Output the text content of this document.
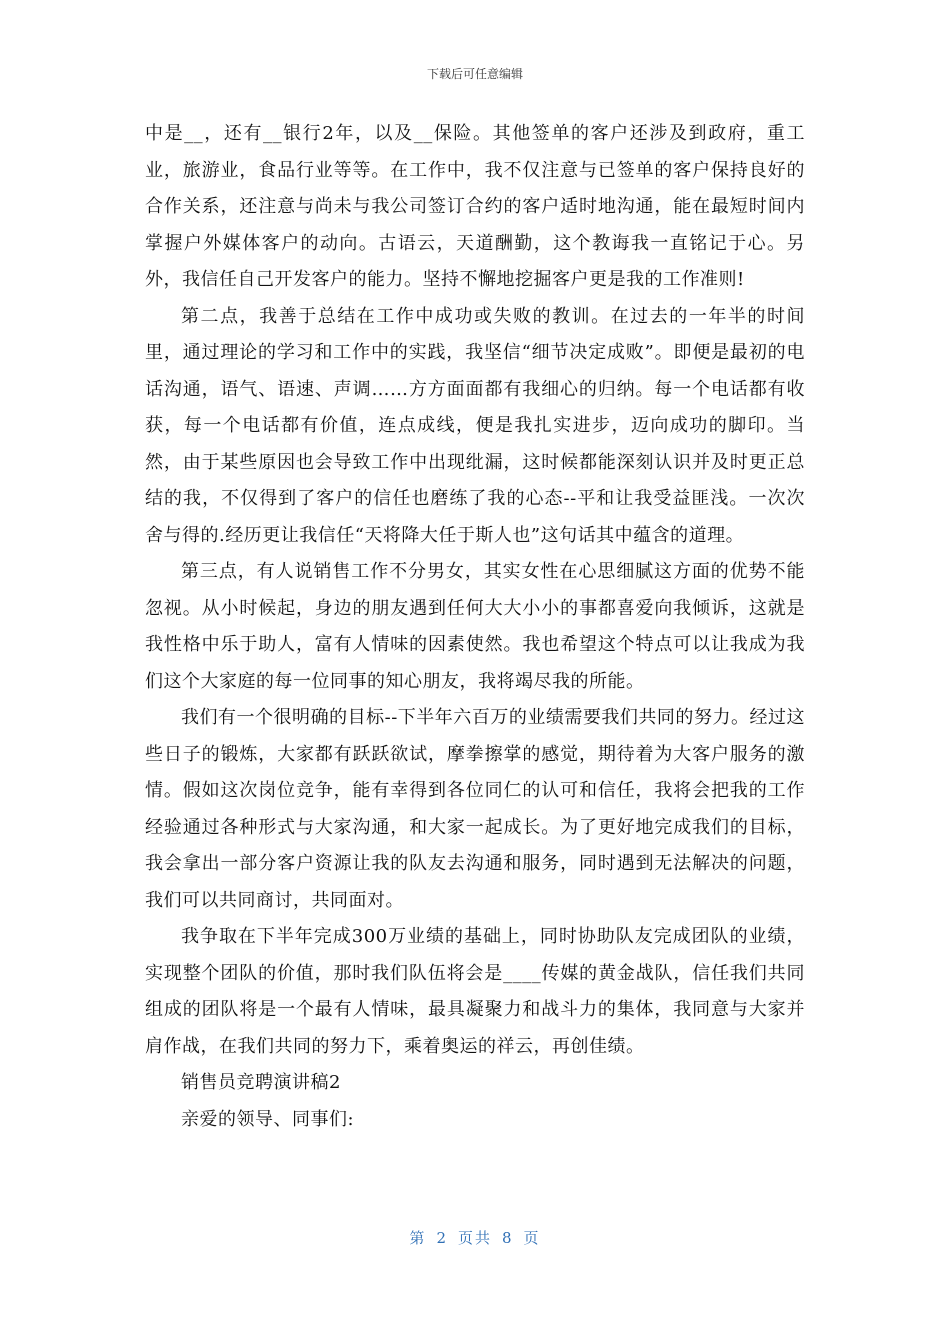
下载后可任意编辑

中是__，还有__银行2年，以及__保险。其他签单的客户还涉及到政府，重工业，旅游业，食品行业等等。在工作中，我不仅注意与已签单的客户保持良好的合作关系，还注意与尚未与我公司签订合约的客户适时地沟通，能在最短时间内掌握户外媒体客户的动向。古语云，天道酬勤，这个教诲我一直铭记于心。另外，我信任自己开发客户的能力。坚持不懈地挖掘客户更是我的工作准则!

第二点，我善于总结在工作中成功或失败的教训。在过去的一年半的时间里，通过理论的学习和工作中的实践，我坚信“细节决定成败”。即便是最初的电话沟通，语气、语速、声调……方方面面都有我细心的归纳。每一个电话都有收获，每一个电话都有价值，连点成线，便是我扎实进步，迈向成功的脚印。当然，由于某些原因也会导致工作中出现纰漏，这时候都能深刻认识并及时更正总结的我，不仅得到了客户的信任也磨练了我的心态--平和让我受益匪浅。一次次舍与得的.经历更让我信任“天将降大任于斯人也”这句话其中蕴含的道理。

第三点，有人说销售工作不分男女，其实女性在心思细腻这方面的优势不能忽视。从小时候起，身边的朋友遇到任何大大小小的事都喜爱向我倾诉，这就是我性格中乐于助人，富有人情味的因素使然。我也希望这个特点可以让我成为我们这个大家庭的每一位同事的知心朋友，我将竭尽我的所能。

我们有一个很明确的目标--下半年六百万的业绩需要我们共同的努力。经过这些日子的锻炼，大家都有跃跃欲试，摩拳擦掌的感觉，期待着为大客户服务的激情。假如这次岗位竞争，能有幸得到各位同仁的认可和信任，我将会把我的工作经验通过各种形式与大家沟通，和大家一起成长。为了更好地完成我们的目标，我会拿出一部分客户资源让我的队友去沟通和服务，同时遇到无法解决的问题，我们可以共同商讨，共同面对。

我争取在下半年完成300万业绩的基础上，同时协助队友完成团队的业绩，实现整个团队的价值，那时我们队伍将会是____传媒的黄金战队，信任我们共同组成的团队将是一个最有人情味，最具凝聚力和战斗力的集体，我同意与大家并肩作战，在我们共同的努力下，乘着奥运的祥云，再创佳绩。

销售员竞聘演讲稿2

亲爱的领导、同事们:

第 2 页共 8 页
